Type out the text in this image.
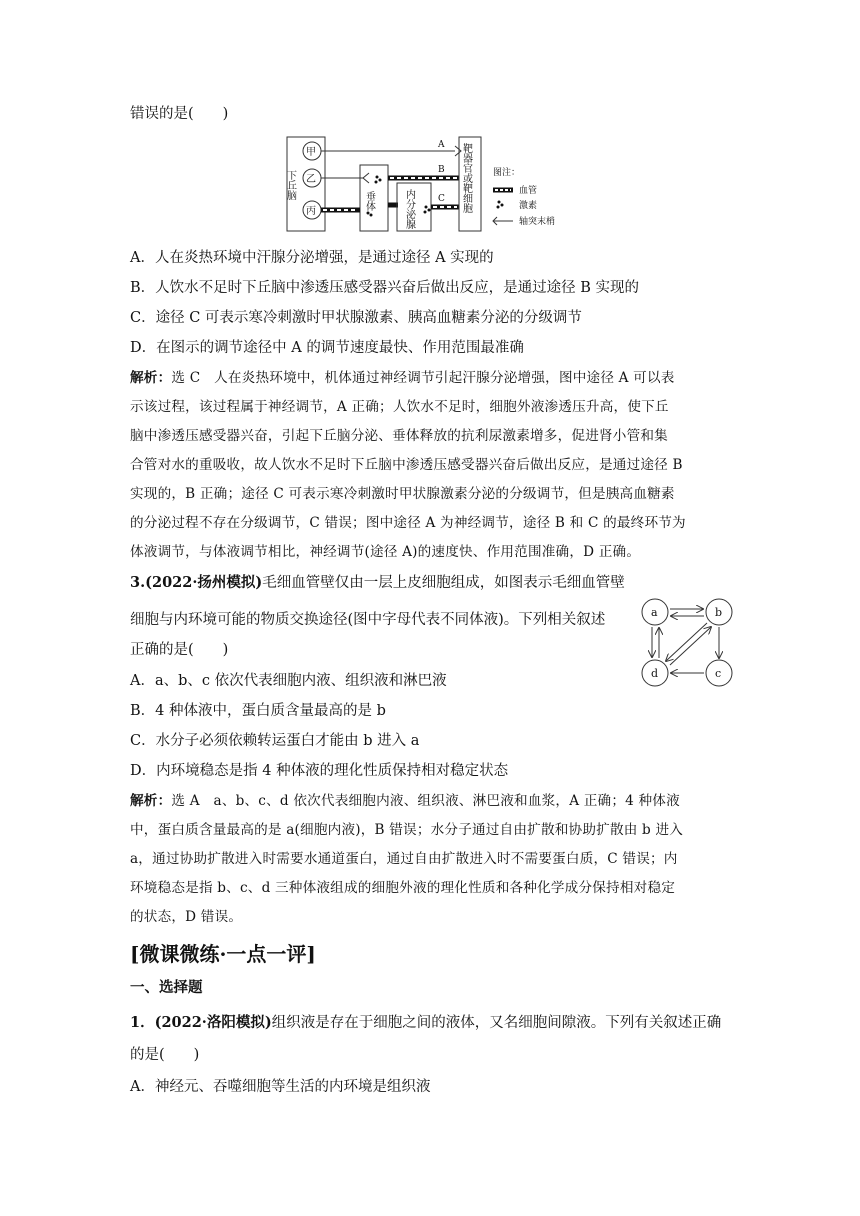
错误的是(　　)
甲
乙
丙
下丘脑
A
垂体
B
内分泌腺	C 靶器官或靶细胞 图注：
血管
激素
轴突末梢
A．人在炎热环境中汗腺分泌增强，是通过途径 A 实现的
B．人饮水不足时下丘脑中渗透压感受器兴奋后做出反应，是通过途径 B 实现的
C．途径 C 可表示寒冷刺激时甲状腺激素、胰高血糖素分泌的分级调节
D．在图示的调节途径中 A 的调节速度最快、作用范围最准确
解析：选 C　人在炎热环境中，机体通过神经调节引起汗腺分泌增强，图中途径 A 可以表
示该过程，该过程属于神经调节，A 正确；人饮水不足时，细胞外液渗透压升高，使下丘
脑中渗透压感受器兴奋，引起下丘脑分泌、垂体释放的抗利尿激素增多，促进肾小管和集
合管对水的重吸收，故人饮水不足时下丘脑中渗透压感受器兴奋后做出反应，是通过途径 B
实现的，B 正确；途径 C 可表示寒冷刺激时甲状腺激素分泌的分级调节，但是胰高血糖素
的分泌过程不存在分级调节，C 错误；图中途径 A 为神经调节，途径 B 和 C 的最终环节为
体液调节，与体液调节相比，神经调节(途径 A)的速度快、作用范围准确，D 正确。
3.(2022·扬州模拟)毛细血管壁仅由一层上皮细胞组成，如图表示毛细血管壁
细胞与内环境可能的物质交换途径(图中字母代表不同体液)。下列相关叙述
正确的是(　　)
a	b
d	c
A．a、b、c 依次代表细胞内液、组织液和淋巴液
B．4 种体液中，蛋白质含量最高的是 b
C．水分子必须依赖转运蛋白才能由 b 进入 a
D．内环境稳态是指 4 种体液的理化性质保持相对稳定状态
解析：选 A　a、b、c、d 依次代表细胞内液、组织液、淋巴液和血浆，A 正确；4 种体液
中，蛋白质含量最高的是 a(细胞内液)，B 错误；水分子通过自由扩散和协助扩散由 b 进入
a，通过协助扩散进入时需要水通道蛋白，通过自由扩散进入时不需要蛋白质，C 错误；内
环境稳态是指 b、c、d 三种体液组成的细胞外液的理化性质和各种化学成分保持相对稳定
的状态，D 错误。
[微课微练·一点一评]
一、选择题
1．(2022·洛阳模拟)组织液是存在于细胞之间的液体，又名细胞间隙液。下列有关叙述正确
的是(　　)
A．神经元、吞噬细胞等生活的内环境是组织液
